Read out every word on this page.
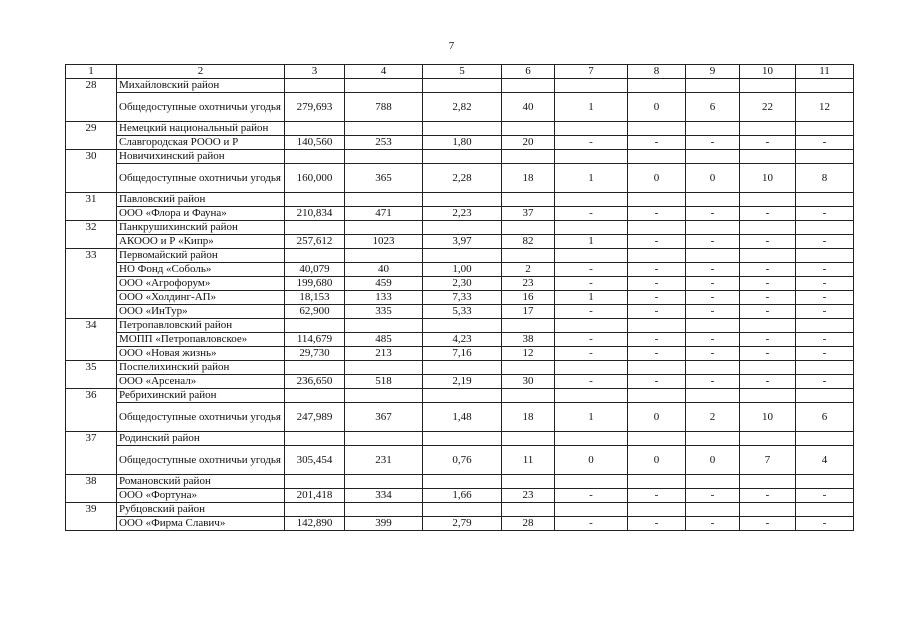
7
1	2	3	4	5	6	7	8	9	10	11
28	Михайловский район									
	Общедоступные охотничьи угодья	279,693	788	2,82	40	1	0	6	22	12
29	Немецкий национальный район									
	Славгородская РООО и Р	140,560	253	1,80	20	-	-	-	-	-
30	Новичихинский район									
	Общедоступные охотничьи угодья	160,000	365	2,28	18	1	0	0	10	8
31	Павловский район									
	ООО «Флора и Фауна»	210,834	471	2,23	37	-	-	-	-	-
32	Панкрушихинский район									
	АКООО и Р «Кипр»	257,612	1023	3,97	82	1	-	-	-	-
33	Первомайский район									
	НО Фонд «Соболь»	40,079	40	1,00	2	-	-	-	-	-
	ООО «Агрофорум»	199,680	459	2,30	23	-	-	-	-	-
	ООО «Холдинг-АП»	18,153	133	7,33	16	1	-	-	-	-
	ООО «ИнТур»	62,900	335	5,33	17	-	-	-	-	-
34	Петропавловский район									
	МОПП «Петропавловское»	114,679	485	4,23	38	-	-	-	-	-
	ООО «Новая жизнь»	29,730	213	7,16	12	-	-	-	-	-
35	Поспелихинский район									
	ООО «Арсенал»	236,650	518	2,19	30	-	-	-	-	-
36	Ребрихинский район									
	Общедоступные охотничьи угодья	247,989	367	1,48	18	1	0	2	10	6
37	Родинский район									
	Общедоступные охотничьи угодья	305,454	231	0,76	11	0	0	0	7	4
38	Романовский район									
	ООО «Фортуна»	201,418	334	1,66	23	-	-	-	-	-
39	Рубцовский район									
	ООО «Фирма Славич»	142,890	399	2,79	28	-	-	-	-	-
